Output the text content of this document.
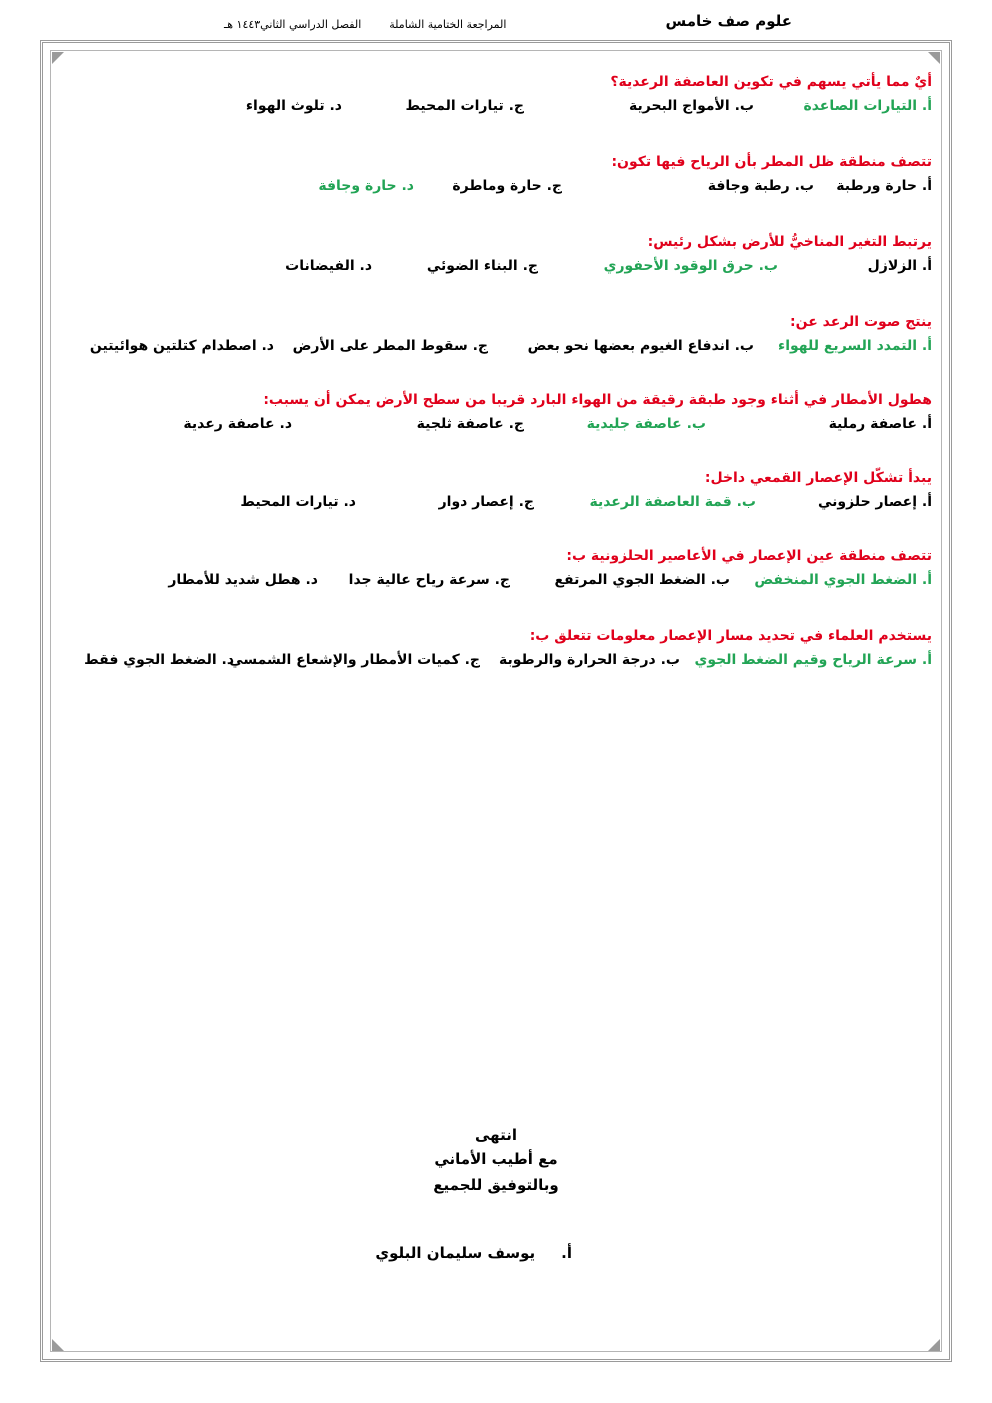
علوم صف خامس
المراجعة الختامية الشاملةالفصل الدراسي الثاني١٤٤٣ هـ
أيٌ مما يأتي يسهم في تكوين العاصفة الرعدية؟
أ. التيارات الصاعدة
ب. الأمواج البحرية
ج. تيارات المحيط
د. تلوث الهواء
تتصف منطقة ظل المطر بأن الرياح فيها تكون:
أ. حارة ورطبة
ب. رطبة وجافة
ج. حارة وماطرة
د. حارة وجافة
يرتبط التغير المناخيُّ للأرض بشكل رئيس:
أ. الزلازل
ب. حرق الوقود الأحفوري
ج. البناء الضوئي
د. الفيضانات
ينتج صوت الرعد عن:
أ. التمدد السريع للهواء
ب. اندفاع الغيوم بعضها نحو بعض
ج. سقوط المطر على الأرض
د. اصطدام كتلتين هوائيتين
هطول الأمطار في أثناء وجود طبقة رقيقة من الهواء البارد قريبا من سطح الأرض يمكن أن يسبب:
أ. عاصفة رملية
ب. عاصفة جليدية
ج. عاصفة ثلجية
د. عاصفة رعدية
يبدأ تشكّل الإعصار القمعي داخل:
أ. إعصار حلزوني
ب. قمة العاصفة الرعدية
ج. إعصار دوار
د. تيارات المحيط
تتصف منطقة عين الإعصار في الأعاصير الحلزونية ب:
أ. الضغط الجوي المنخفض
ب. الضغط الجوي المرتفع
ج. سرعة رياح عالية جدا
د. هطل شديد للأمطار
يستخدم العلماء في تحديد مسار الإعصار معلومات تتعلق ب:
أ. سرعة الرياح وقيم الضغط الجوي
ب. درجة الحرارة والرطوبة
ج. كميات الأمطار والإشعاع الشمسي
د. الضغط الجوي فقط
انتهى
مع أطيب الأماني
وبالتوفيق للجميع
أ.يوسف سليمان البلوي
